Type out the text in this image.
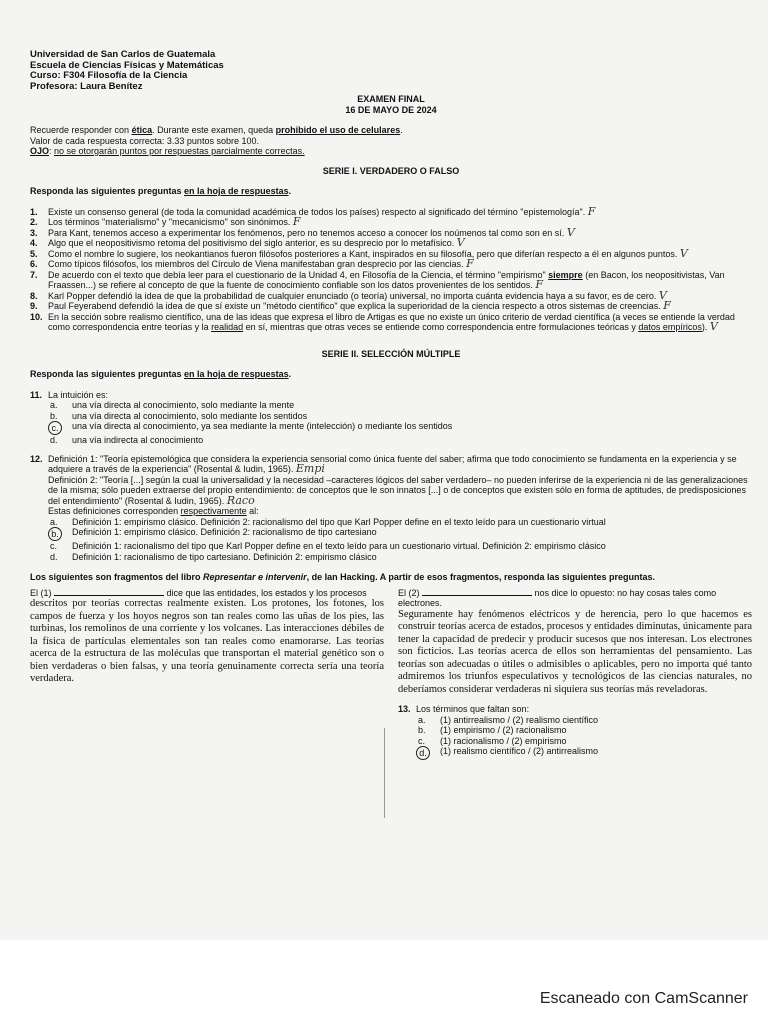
Universidad de San Carlos de Guatemala
Escuela de Ciencias Físicas y Matemáticas
Curso: F304 Filosofía de la Ciencia
Profesora: Laura Benítez
EXAMEN FINAL
16 DE MAYO DE 2024
Recuerde responder con ética. Durante este examen, queda prohibido el uso de celulares.
Valor de cada respuesta correcta: 3.33 puntos sobre 100.
OJO: no se otorgarán puntos por respuestas parcialmente correctas.
SERIE I. VERDADERO O FALSO
Responda las siguientes preguntas en la hoja de respuestas.
1.	Existe un consenso general (de toda la comunidad académica de todos los países) respecto al significado del término "epistemología". F
2.	Los términos "materialismo" y "mecanicismo" son sinónimos. F
3.	Para Kant, tenemos acceso a experimentar los fenómenos, pero no tenemos acceso a conocer los noúmenos tal como son en sí. V
4.	Algo que el neopositivismo retoma del positivismo del siglo anterior, es su desprecio por lo metafísico. V
5.	Como el nombre lo sugiere, los neokantianos fueron filósofos posteriores a Kant, inspirados en su filosofía, pero que diferían respecto a él en algunos puntos. V
6.	Como típicos filósofos, los miembros del Círculo de Viena manifestaban gran desprecio por las ciencias. F
7.	De acuerdo con el texto que debía leer para el cuestionario de la Unidad 4, en Filosofía de la Ciencia, el término "empirismo" siempre (en Bacon, los neopositivistas, Van Fraassen...) se refiere al concepto de que la fuente de conocimiento confiable son los datos provenientes de los sentidos. F
8.	Karl Popper defendió la idea de que la probabilidad de cualquier enunciado (o teoría) universal, no importa cuánta evidencia haya a su favor, es de cero. V
9.	Paul Feyerabend defendió la idea de que sí existe un "método científico" que explica la superioridad de la ciencia respecto a otros sistemas de creencias. F
10. En la sección sobre realismo científico, una de las ideas que expresa el libro de Artigas es que no existe un único criterio de verdad científica (a veces se entiende la verdad como correspondencia entre teorías y la realidad en sí, mientras que otras veces se entiende como correspondencia entre formulaciones teóricas y datos empíricos). V
SERIE II. SELECCIÓN MÚLTIPLE
Responda las siguientes preguntas en la hoja de respuestas.
11. La intuición es:
a.	una vía directa al conocimiento, solo mediante la mente
b.	una vía directa al conocimiento, solo mediante los sentidos
c.	una vía directa al conocimiento, ya sea mediante la mente (intelección) o mediante los sentidos
d.	una vía indirecta al conocimiento
12. Definición 1: "Teoría epistemológica que considera la experiencia sensorial como única fuente del saber; afirma que todo conocimiento se fundamenta en la experiencia y se adquiere a través de la experiencia" (Rosental & Iudin, 1965). Empi
Definición 2: "Teoría [...] según la cual la universalidad y la necesidad –caracteres lógicos del saber verdadero– no pueden inferirse de la experiencia ni de las generalizaciones de la misma; sólo pueden extraerse del propio entendimiento: de conceptos que le son innatos [...] o de conceptos que existen sólo en forma de aptitudes, de predisposiciones del entendimiento" (Rosental & Iudin, 1965). Raco
Estas definiciones corresponden respectivamente al:
a.	Definición 1: empirismo clásico. Definición 2: racionalismo del tipo que Karl Popper define en el texto leído para un cuestionario virtual
b.	Definición 1: empirismo clásico. Definición 2: racionalismo de tipo cartesiano
c.	Definición 1: racionalismo del tipo que Karl Popper define en el texto leído para un cuestionario virtual. Definición 2: empirismo clásico
d.	Definición 1: racionalismo de tipo cartesiano. Definición 2: empirismo clásico
Los siguientes son fragmentos del libro Representar e intervenir, de Ian Hacking. A partir de esos fragmentos, responda las siguientes preguntas.
El (1)	dice que las entidades, los estados y los procesos
descritos por teorías correctas realmente existen. Los protones, los fotones, los campos de fuerza y los hoyos negros son tan reales como las uñas de los pies, las turbinas, los remolinos de una corriente y los volcanes. Las interacciones débiles de la física de partículas elementales son tan reales como enamorarse. Las teorías acerca de la estructura de las moléculas que transportan el material genético son o bien verdaderas o bien falsas, y una teoría genuinamente correcta sería una teoría verdadera.
El (2)	nos dice lo opuesto: no hay cosas tales como electrones.
Seguramente hay fenómenos eléctricos y de herencia, pero lo que hacemos es construir teorías acerca de estados, procesos y entidades diminutas, únicamente para tener la capacidad de predecir y producir sucesos que nos interesan. Los electrones son ficticios. Las teorías acerca de ellos son herramientas del pensamiento. Las teorías son adecuadas o útiles o admisibles o aplicables, pero no importa qué tanto admiremos los triunfos especulativos y tecnológicos de las ciencias naturales, no deberíamos considerar verdaderas ni siquiera sus teorías más reveladoras.
13. Los términos que faltan son:
a.	(1) antirrealismo / (2) realismo científico
b.	(1) empirismo / (2) racionalismo
c.	(1) racionalismo / (2) empirismo
d.	(1) realismo científico / (2) antirrealismo
Escaneado con CamScanner
